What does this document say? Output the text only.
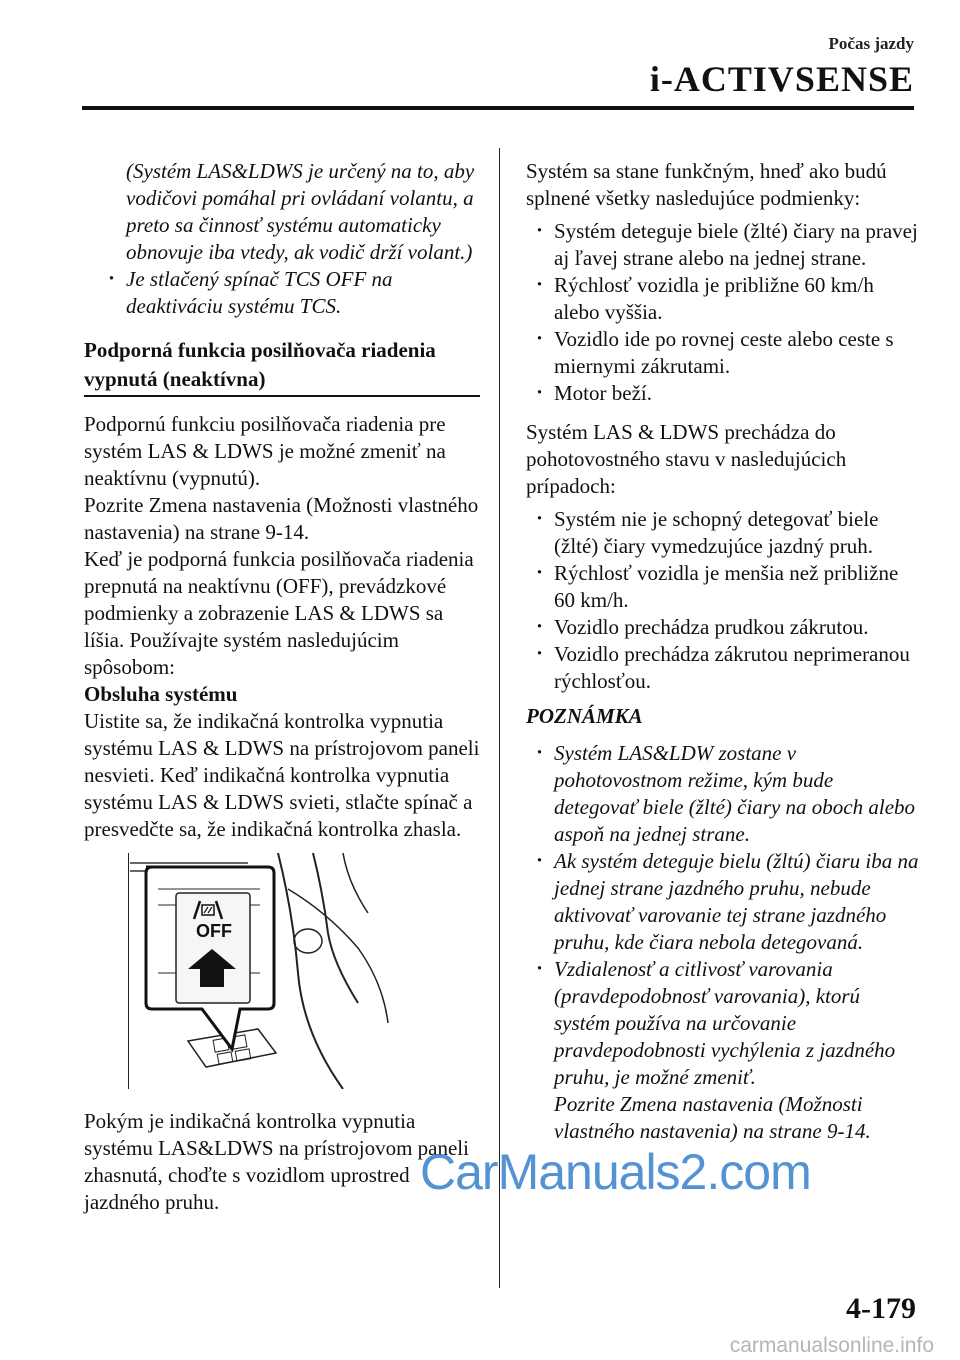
Počas jazdy
i-ACTIVSENSE

(Systém LAS&LDWS je určený na to, aby vodičovi pomáhal pri ovládaní volantu, a preto sa činnosť systému automaticky obnovuje iba vtedy, ak vodič drží volant.)

· Je stlačený spínač TCS OFF na deaktiváciu systému TCS.

Podporná funkcia posilňovača riadenia vypnutá (neaktívna)

Podpornú funkciu posilňovača riadenia pre systém LAS & LDWS je možné zmeniť na neaktívnu (vypnutú).

Pozrite Zmena nastavenia (Možnosti vlastného nastavenia) na strane 9-14.

Keď je podporná funkcia posilňovača riadenia prepnutá na neaktívnu (OFF), prevádzkové podmienky a zobrazenie LAS & LDWS sa líšia. Používajte systém nasledujúcim spôsobom:

Obsluha systému

Uistite sa, že indikačná kontrolka vypnutia systému LAS & LDWS na prístrojovom paneli nesvieti. Keď indikačná kontrolka vypnutia systému LAS & LDWS svieti, stlačte spínač a presvedčte sa, že indikačná kontrolka zhasla.

OFF

Pokým je indikačná kontrolka vypnutia systému LAS&LDWS na prístrojovom paneli zhasnutá, choďte s vozidlom uprostred jazdného pruhu.

Systém sa stane funkčným, hneď ako budú splnené všetky nasledujúce podmienky:

· Systém deteguje biele (žlté) čiary na pravej aj ľavej strane alebo na jednej strane.

· Rýchlosť vozidla je približne 60 km/h alebo vyššia.

· Vozidlo ide po rovnej ceste alebo ceste s miernymi zákrutami.

· Motor beží.

Systém LAS & LDWS prechádza do pohotovostného stavu v nasledujúcich prípadoch:

· Systém nie je schopný detegovať biele (žlté) čiary vymedzujúce jazdný pruh.

· Rýchlosť vozidla je menšia než približne 60 km/h.

· Vozidlo prechádza prudkou zákrutou.

· Vozidlo prechádza zákrutou neprimeranou rýchlosťou.

POZNÁMKA

· Systém LAS&LDW zostane v pohotovostnom režime, kým bude detegovať biele (žlté) čiary na oboch alebo aspoň na jednej strane.

· Ak systém deteguje bielu (žltú) čiaru iba na jednej strane jazdného pruhu, nebude aktivovať varovanie tej strane jazdného pruhu, kde čiara nebola detegovaná.

· Vzdialenosť a citlivosť varovania (pravdepodobnosť varovania), ktorú systém používa na určovanie pravdepodobnosti vychýlenia z jazdného pruhu, je možné zmeniť.

Pozrite Zmena nastavenia (Možnosti vlastného nastavenia) na strane 9-14.

4-179
CarManuals2.com
carmanualsonline.info
